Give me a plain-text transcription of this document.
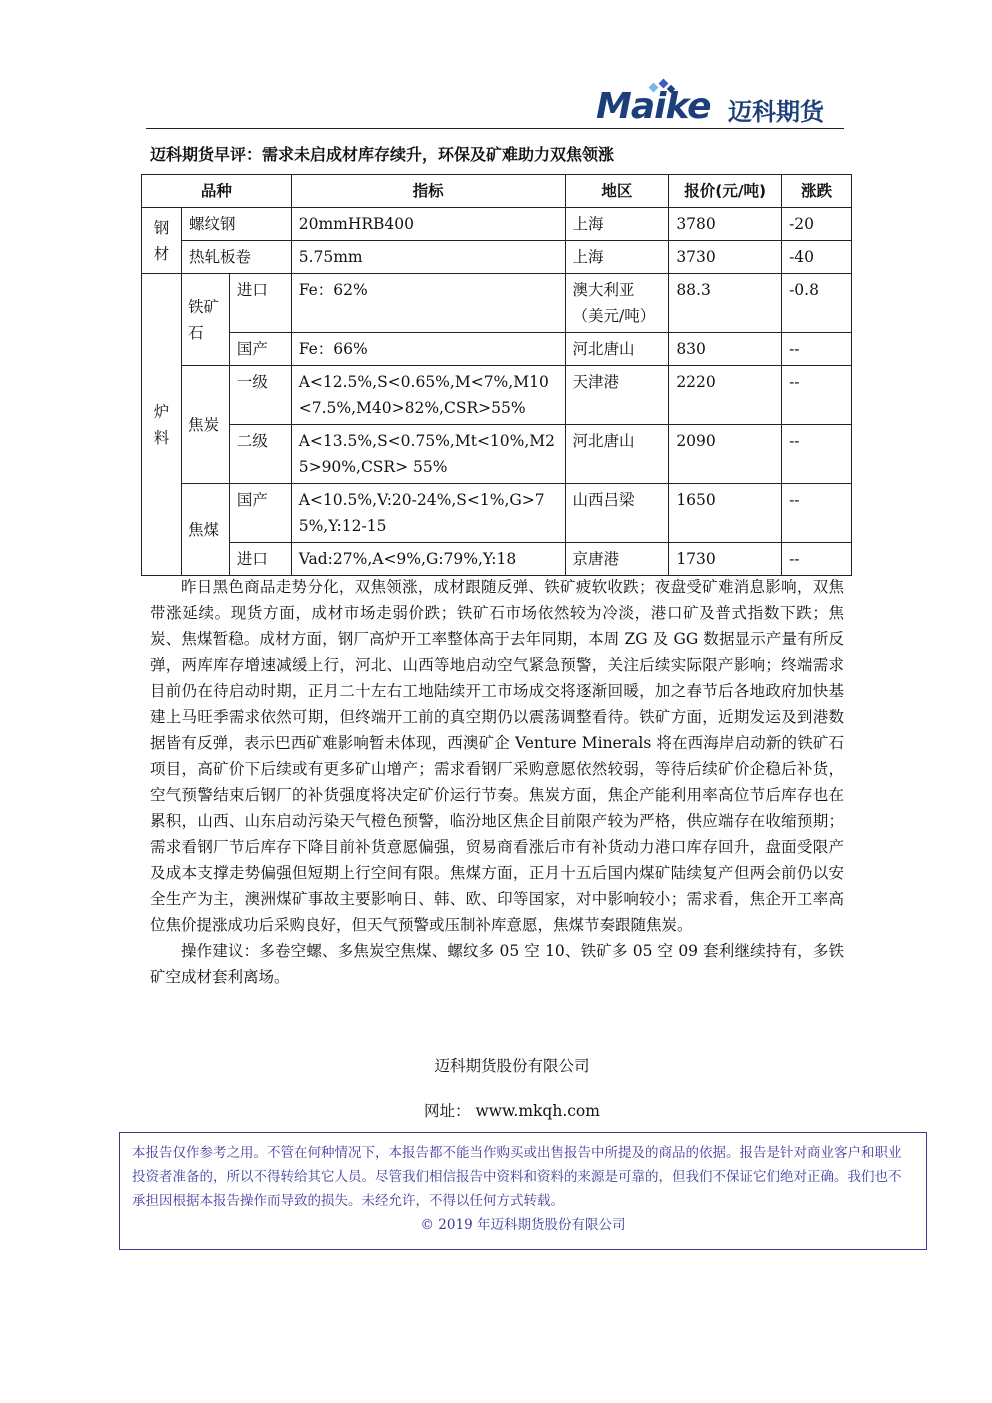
Maike 迈科期货
迈科期货早评：需求未启成材库存续升，环保及矿难助力双焦领涨
品种			指标	地区	报价(元/吨)	涨跌
钢材	螺纹钢		20mmHRB400	上海	3780	-20
	热轧板卷		5.75mm	上海	3730	-40
炉料	铁矿石	进口	Fe：62%	澳大利亚（美元/吨）	88.3	-0.8
		国产	Fe：66%	河北唐山	830	--
	焦炭	一级	A<12.5%,S<0.65%,M<7%,M10<7.5%,M40>82%,CSR>55%	天津港	2220	--
		二级	A<13.5%,S<0.75%,Mt<10%,M25>90%,CSR> 55%	河北唐山	2090	--
	焦煤	国产	A<10.5%,V:20-24%,S<1%,G>75%,Y:12-15	山西吕梁	1650	--
		进口	Vad:27%,A<9%,G:79%,Y:18	京唐港	1730	--

昨日黑色商品走势分化，双焦领涨，成材跟随反弹、铁矿疲软收跌；夜盘受矿难消息影响，双焦带涨延续。现货方面，成材市场走弱价跌；铁矿石市场依然较为冷淡，港口矿及普式指数下跌；焦炭、焦煤暂稳。成材方面，钢厂高炉开工率整体高于去年同期，本周 ZG 及 GG 数据显示产量有所反弹，两库库存增速减缓上行，河北、山西等地启动空气紧急预警，关注后续实际限产影响；终端需求目前仍在待启动时期，正月二十左右工地陆续开工市场成交将逐渐回暖，加之春节后各地政府加快基建上马旺季需求依然可期，但终端开工前的真空期仍以震荡调整看待。铁矿方面，近期发运及到港数据皆有反弹，表示巴西矿难影响暂未体现，西澳矿企 Venture Minerals 将在西海岸启动新的铁矿石项目，高矿价下后续或有更多矿山增产；需求看钢厂采购意愿依然较弱，等待后续矿价企稳后补货，空气预警结束后钢厂的补货强度将决定矿价运行节奏。焦炭方面，焦企产能利用率高位节后库存也在累积，山西、山东启动污染天气橙色预警，临汾地区焦企目前限产较为严格，供应端存在收缩预期；需求看钢厂节后库存下降目前补货意愿偏强，贸易商看涨后市有补货动力港口库存回升，盘面受限产及成本支撑走势偏强但短期上行空间有限。焦煤方面，正月十五后国内煤矿陆续复产但两会前仍以安全生产为主，澳洲煤矿事故主要影响日、韩、欧、印等国家，对中影响较小；需求看，焦企开工率高位焦价提涨成功后采购良好，但天气预警或压制补库意愿，焦煤节奏跟随焦炭。

操作建议：多卷空螺、多焦炭空焦煤、螺纹多 05 空 10、铁矿多 05 空 09 套利继续持有，多铁矿空成材套利离场。

迈科期货股份有限公司
网址： www.mkqh.com
本报告仅作参考之用。不管在何种情况下，本报告都不能当作购买或出售报告中所提及的商品的依据。报告是针对商业客户和职业投资者准备的，所以不得转给其它人员。尽管我们相信报告中资料和资料的来源是可靠的，但我们不保证它们绝对正确。我们也不承担因根据本报告操作而导致的损失。未经允许，不得以任何方式转载。
© 2019 年迈科期货股份有限公司
